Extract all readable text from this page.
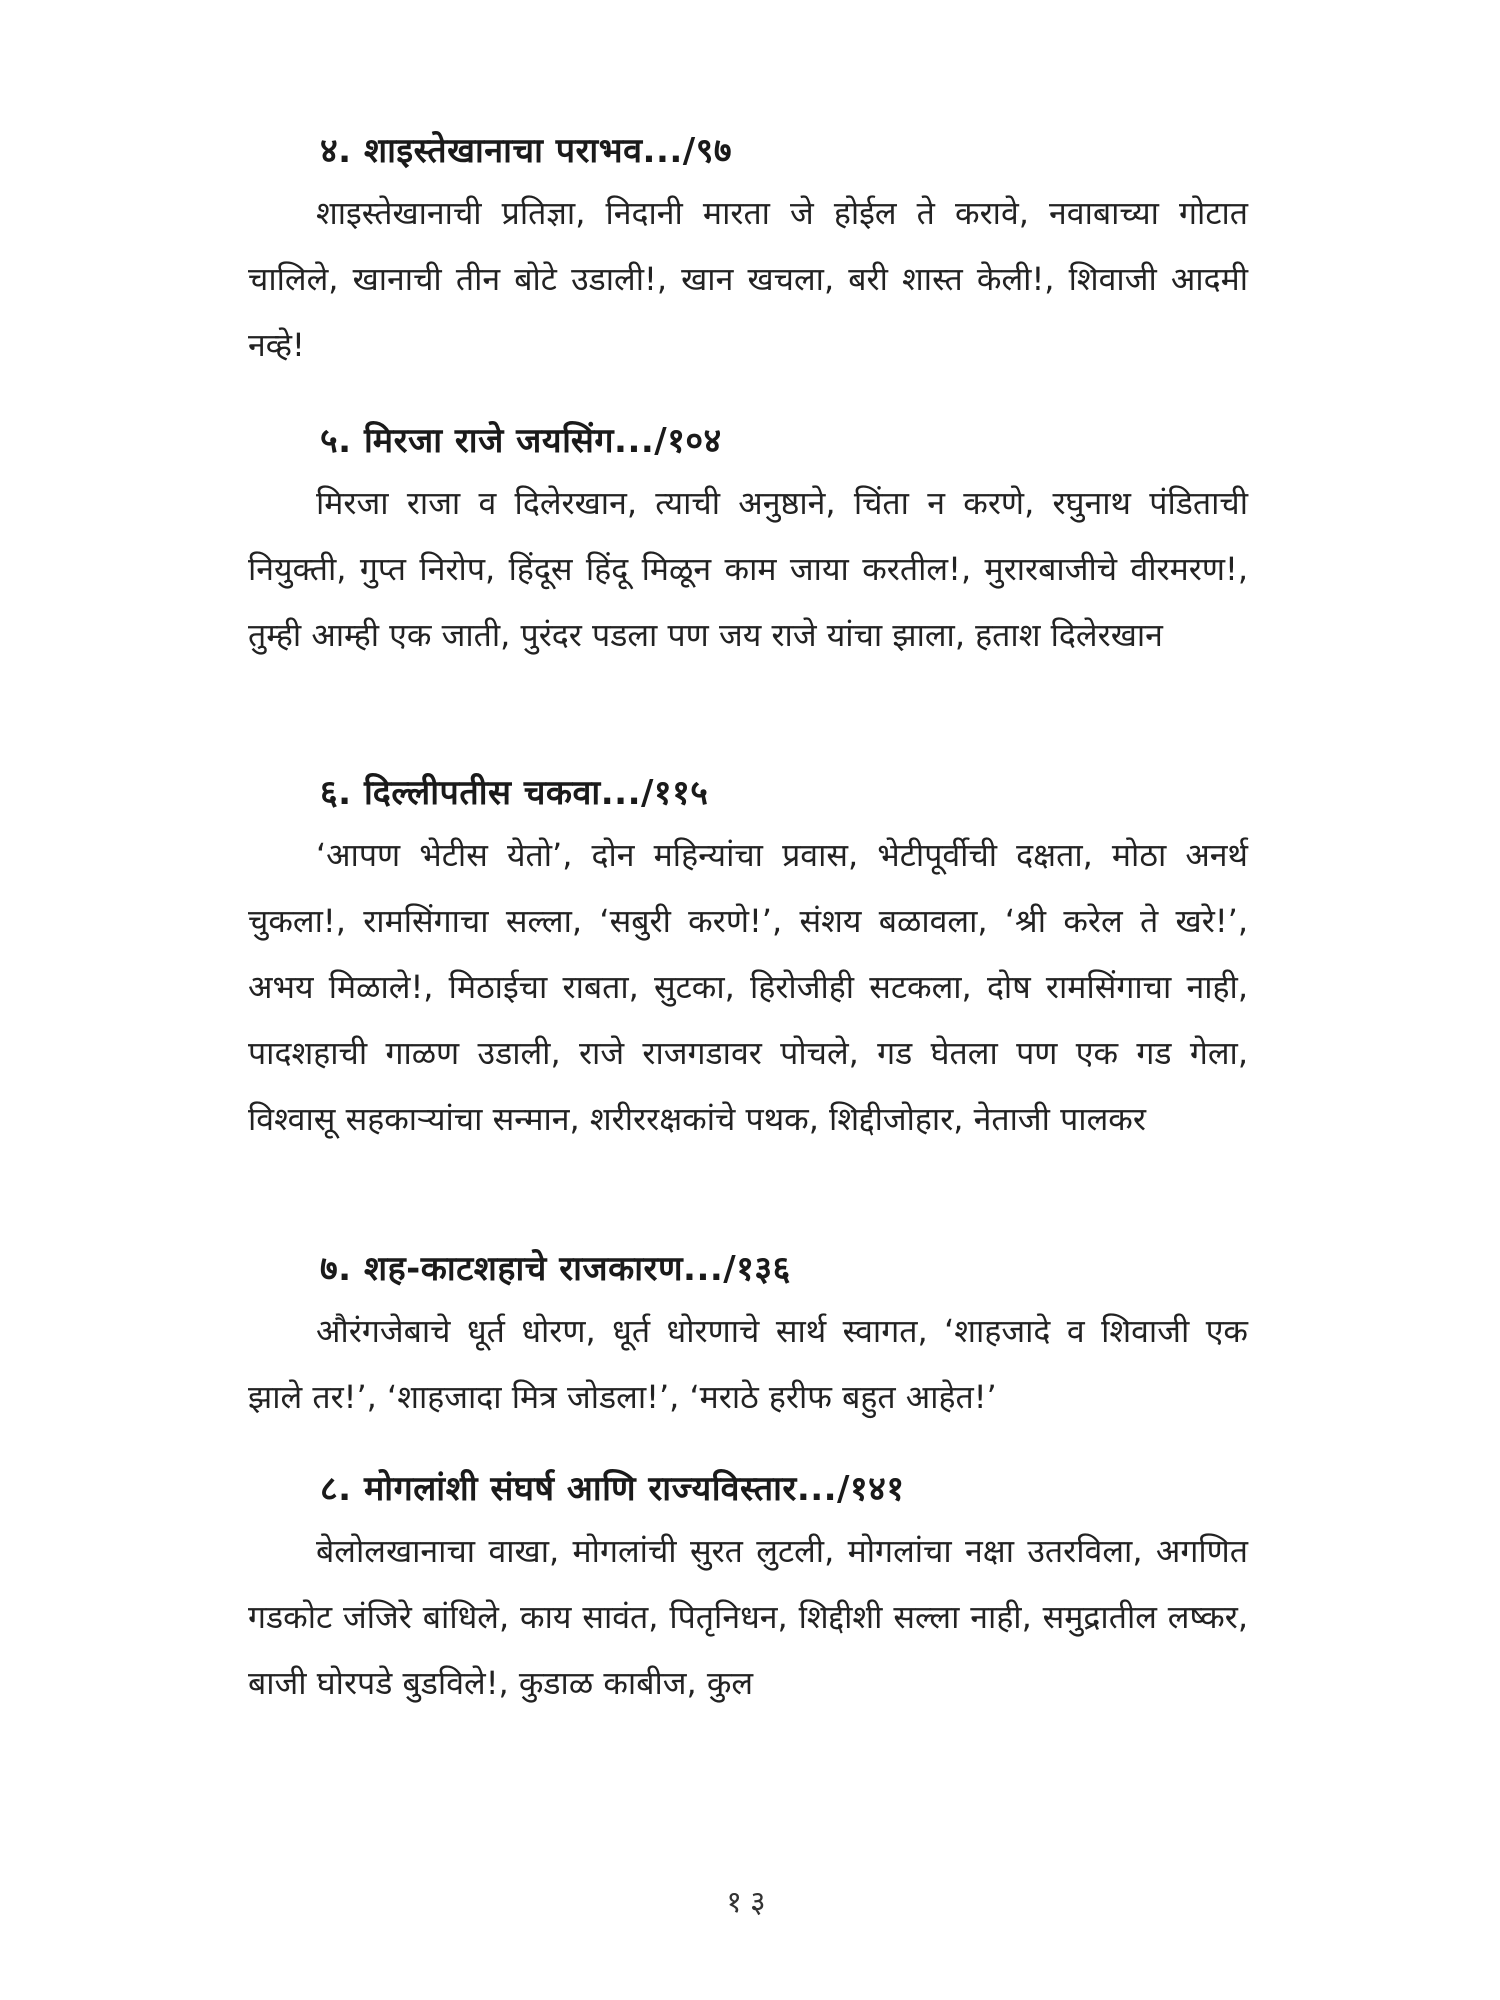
४. शाइस्तेखानाचा पराभव.../९७

शाइस्तेखानाची प्रतिज्ञा, निदानी मारता जे होईल ते करावे, नवाबाच्या गोटात चालिले, खानाची तीन बोटे उडाली!, खान खचला, बरी शास्त केली!, शिवाजी आदमी नव्हे!

५. मिरजा राजे जयसिंग.../१०४

मिरजा राजा व दिलेरखान, त्याची अनुष्ठाने, चिंता न करणे, रघुनाथ पंडिताची नियुक्ती, गुप्त निरोप, हिंदूस हिंदू मिळून काम जाया करतील!, मुरारबाजीचे वीरमरण!, तुम्ही आम्ही एक जाती, पुरंदर पडला पण जय राजे यांचा झाला, हताश दिलेरखान

६. दिल्लीपतीस चकवा.../११५

‘आपण भेटीस येतो’, दोन महिन्यांचा प्रवास, भेटीपूर्वीची दक्षता, मोठा अनर्थ चुकला!, रामसिंगाचा सल्ला, ‘सबुरी करणे!’, संशय बळावला, ‘श्री करेल ते खरे!’, अभय मिळाले!, मिठाईचा राबता, सुटका, हिरोजीही सटकला, दोष रामसिंगाचा नाही, पादशहाची गाळण उडाली, राजे राजगडावर पोचले, गड घेतला पण एक गड गेला, विश्वासू सहकाऱ्यांचा सन्मान, शरीररक्षकांचे पथक, शिद्दीजोहार, नेताजी पालकर

७. शह-काटशहाचे राजकारण.../१३६

औरंगजेबाचे धूर्त धोरण, धूर्त धोरणाचे सार्थ स्वागत, ‘शाहजादे व शिवाजी एक झाले तर!’, ‘शाहजादा मित्र जोडला!’, ‘मराठे हरीफ बहुत आहेत!’

८. मोगलांशी संघर्ष आणि राज्यविस्तार.../१४१

बेलोलखानाचा वाखा, मोगलांची सुरत लुटली, मोगलांचा नक्षा उतरविला, अगणित गडकोट जंजिरे बांधिले, काय सावंत, पितृनिधन, शिद्दीशी सल्ला नाही, समुद्रातील लष्कर, बाजी घोरपडे बुडविले!, कुडाळ काबीज, कुल

१३
